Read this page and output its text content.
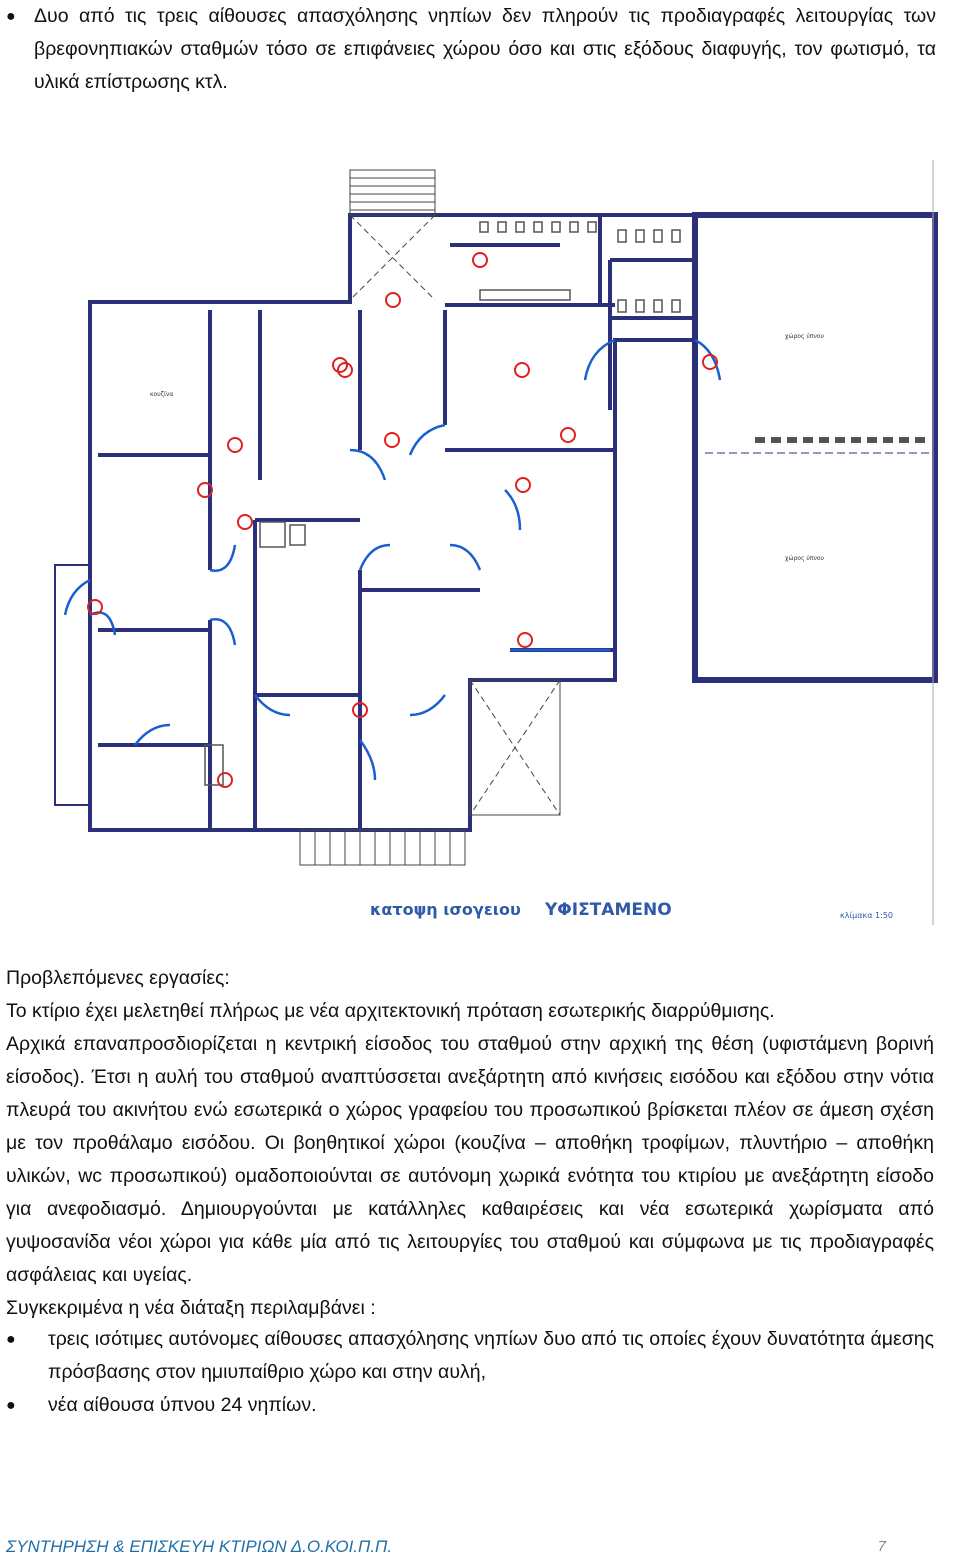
● Δυο από τις τρεις αίθουσες απασχόλησης νηπίων δεν πληρούν τις προδιαγραφές λειτουργίας των βρεφονηπιακών σταθμών τόσο σε επιφάνειες χώρου όσο και στις εξόδους διαφυγής, τον φωτισμό, τα υλικά επίστρωσης κτλ.
κουζίνα
χώρος ύπνου
χώρος ύπνου
κατοψη ισογειου ΥΦΙΣΤΑΜΕΝΟ	κλίμακα 1:50
Προβλεπόμενες εργασίες:
Το κτίριο έχει μελετηθεί πλήρως με νέα αρχιτεκτονική πρόταση εσωτερικής διαρρύθμισης.
Αρχικά επαναπροσδιορίζεται η κεντρική είσοδος του σταθμού στην αρχική της θέση (υφιστάμενη βορινή είσοδος). Έτσι η αυλή του σταθμού αναπτύσσεται ανεξάρτητη από κινήσεις εισόδου και εξόδου στην νότια πλευρά του ακινήτου ενώ εσωτερικά ο χώρος γραφείου του προσωπικού βρίσκεται πλέον σε άμεση σχέση με τον προθάλαμο εισόδου. Οι βοηθητικοί χώροι (κουζίνα – αποθήκη τροφίμων, πλυντήριο – αποθήκη υλικών, wc προσωπικού) ομαδοποιούνται σε αυτόνομη χωρικά ενότητα του κτιρίου με ανεξάρτητη είσοδο για ανεφοδιασμό. Δημιουργούνται με κατάλληλες καθαιρέσεις και νέα εσωτερικά χωρίσματα από γυψοσανίδα νέοι χώροι για κάθε μία από τις λειτουργίες του σταθμού και σύμφωνα με τις προδιαγραφές ασφάλειας και υγείας.
Συγκεκριμένα η νέα διάταξη περιλαμβάνει :
●	τρεις ισότιμες αυτόνομες αίθουσες απασχόλησης νηπίων δυο από τις οποίες έχουν δυνατότητα άμεσης πρόσβασης στον ημιυπαίθριο χώρο και στην αυλή,
●	νέα αίθουσα ύπνου 24 νηπίων.
ΣΥΝΤΗΡΗΣΗ & ΕΠΙΣΚΕΥΗ ΚΤΙΡΙΩΝ Δ.Ο.ΚΟΙ.Π.Π.	7
